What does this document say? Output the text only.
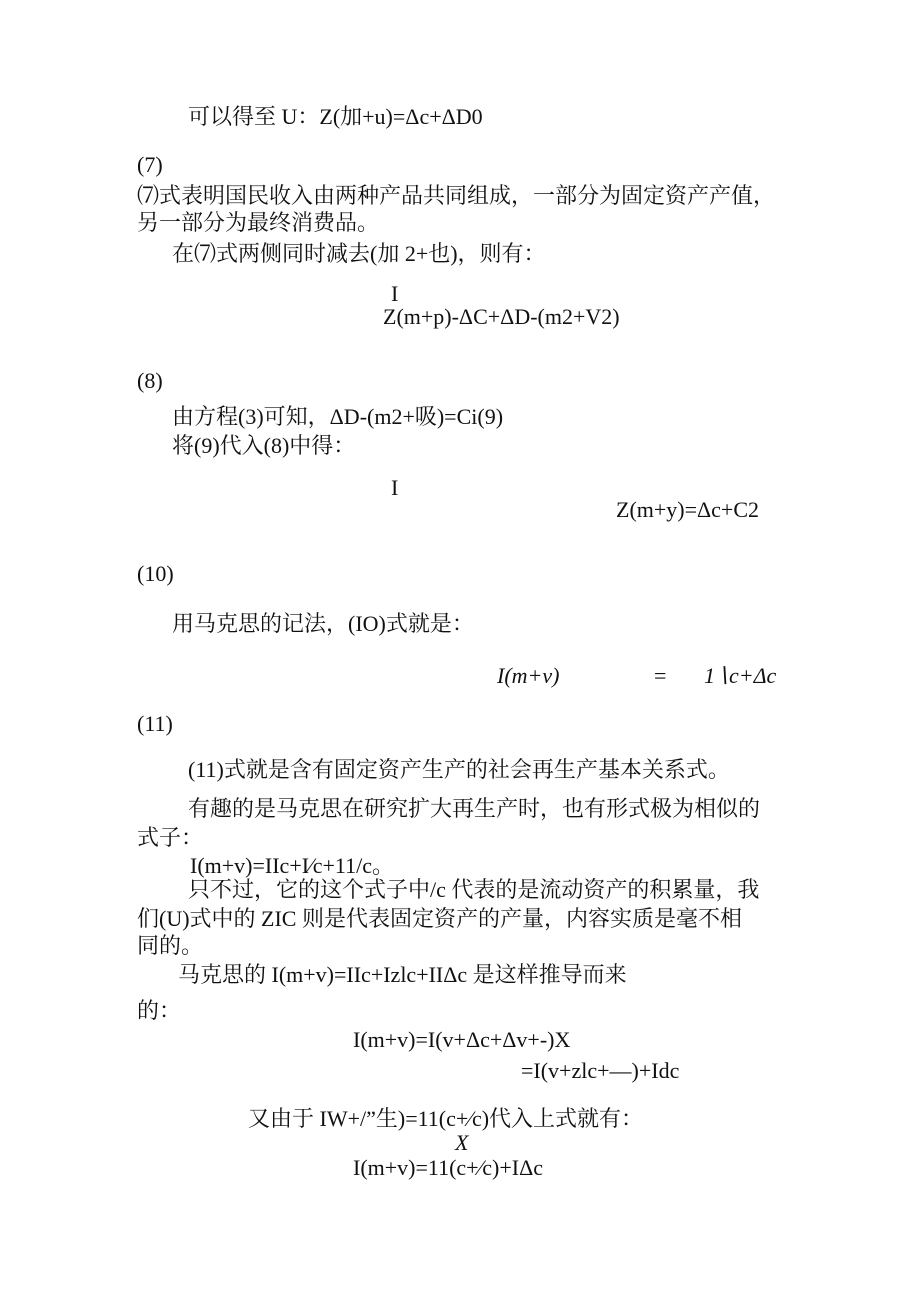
可以得至 U：Z(加+u)=Δc+ΔD0
(7)
⑺式表明国民收入由两种产品共同组成，一部分为固定资产产值，
另一部分为最终消费品。
在⑺式两侧同时减去(加 2+也)，则有：
I
Z(m+p)-ΔC+ΔD-(m2+V2)
(8)
由方程(3)可知，ΔD-(m2+吸)=Ci(9)
将(9)代入(8)中得：
I
Z(m+y)=Δc+C2
(10)
用马克思的记法，(IO)式就是：
I(m+v)	= 1∖c+Δc
(11)
(11)式就是含有固定资产生产的社会再生产基本关系式。
有趣的是马克思在研究扩大再生产时，也有形式极为相似的
式子：
I(m+v)=IIc+I⁄c+11/c。
只不过，它的这个式子中/c 代表的是流动资产的积累量，我
们(U)式中的 ZIC 则是代表固定资产的产量，内容实质是毫不相
同的。
马克思的 I(m+v)=IIc+Izlc+IIΔc 是这样推导而来
的：
I(m+v)=I(v+Δc+Δv+-)X
=I(v+zlc+—)+Idc
又由于 IW+/”生)=11(c+⁄c)代入上式就有：
X
I(m+v)=11(c+⁄c)+IΔc
